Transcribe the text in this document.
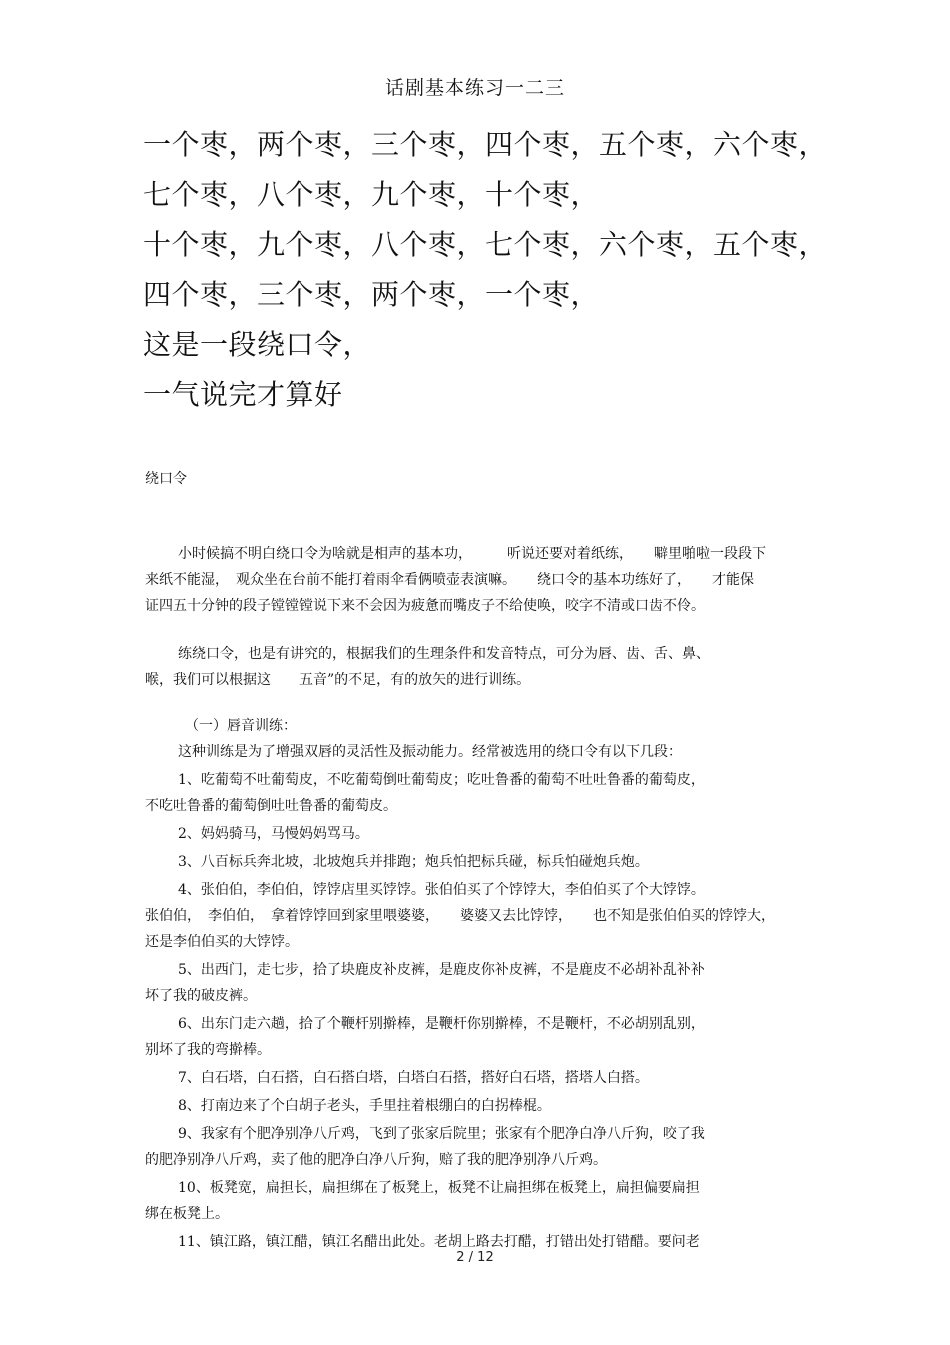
话剧基本练习一二三
一个枣，两个枣，三个枣，四个枣，五个枣，六个枣，
七个枣，八个枣，九个枣，十个枣，
十个枣，九个枣，八个枣，七个枣，六个枣，五个枣，
四个枣，三个枣，两个枣，一个枣，
这是一段绕口令，
一气说完才算好
绕口令
小时候搞不明白绕口令为啥就是相声的基本功，　　　听说还要对着纸练，　　噼里啪啦一段段下
来纸不能湿，　观众坐在台前不能打着雨伞看俩喷壶表演嘛。　　绕口令的基本功练好了，　　才能保
证四五十分钟的段子镗镗镗说下来不会因为疲惫而嘴皮子不给使唤，咬字不清或口齿不伶。
练绕口令，也是有讲究的，根据我们的生理条件和发音特点，可分为唇、齿、舌、鼻、
喉，我们可以根据这　　五音”的不足，有的放矢的进行训练。
（一）唇音训练：
这种训练是为了增强双唇的灵活性及振动能力。经常被选用的绕口令有以下几段：
1、吃葡萄不吐葡萄皮，不吃葡萄倒吐葡萄皮；吃吐鲁番的葡萄不吐吐鲁番的葡萄皮，
不吃吐鲁番的葡萄倒吐吐鲁番的葡萄皮。
2、妈妈骑马，马慢妈妈骂马。
3、八百标兵奔北坡，北坡炮兵并排跑；炮兵怕把标兵碰，标兵怕碰炮兵炮。
4、张伯伯，李伯伯，饽饽店里买饽饽。张伯伯买了个饽饽大，李伯伯买了个大饽饽。
张伯伯，　李伯伯，　拿着饽饽回到家里喂婆婆，　　婆婆又去比饽饽，　　也不知是张伯伯买的饽饽大，
还是李伯伯买的大饽饽。
5、出西门，走七步，拾了块鹿皮补皮裤，是鹿皮你补皮裤，不是鹿皮不必胡补乱补补
坏了我的破皮裤。
6、出东门走六趟，拾了个鞭杆别擀棒，是鞭杆你别擀棒，不是鞭杆，不必胡别乱别，
别坏了我的弯擀棒。
7、白石塔，白石搭，白石搭白塔，白塔白石搭，搭好白石塔，搭塔人白搭。
8、打南边来了个白胡子老头，手里拄着根绷白的白拐棒棍。
9、我家有个肥净别净八斤鸡，飞到了张家后院里；张家有个肥净白净八斤狗，咬了我
的肥净别净八斤鸡，卖了他的肥净白净八斤狗，赔了我的肥净别净八斤鸡。
10、板凳宽，扁担长，扁担绑在了板凳上，板凳不让扁担绑在板凳上，扁担偏要扁担
绑在板凳上。
11、镇江路，镇江醋，镇江名醋出此处。老胡上路去打醋，打错出处打错醋。要问老
2 / 12
